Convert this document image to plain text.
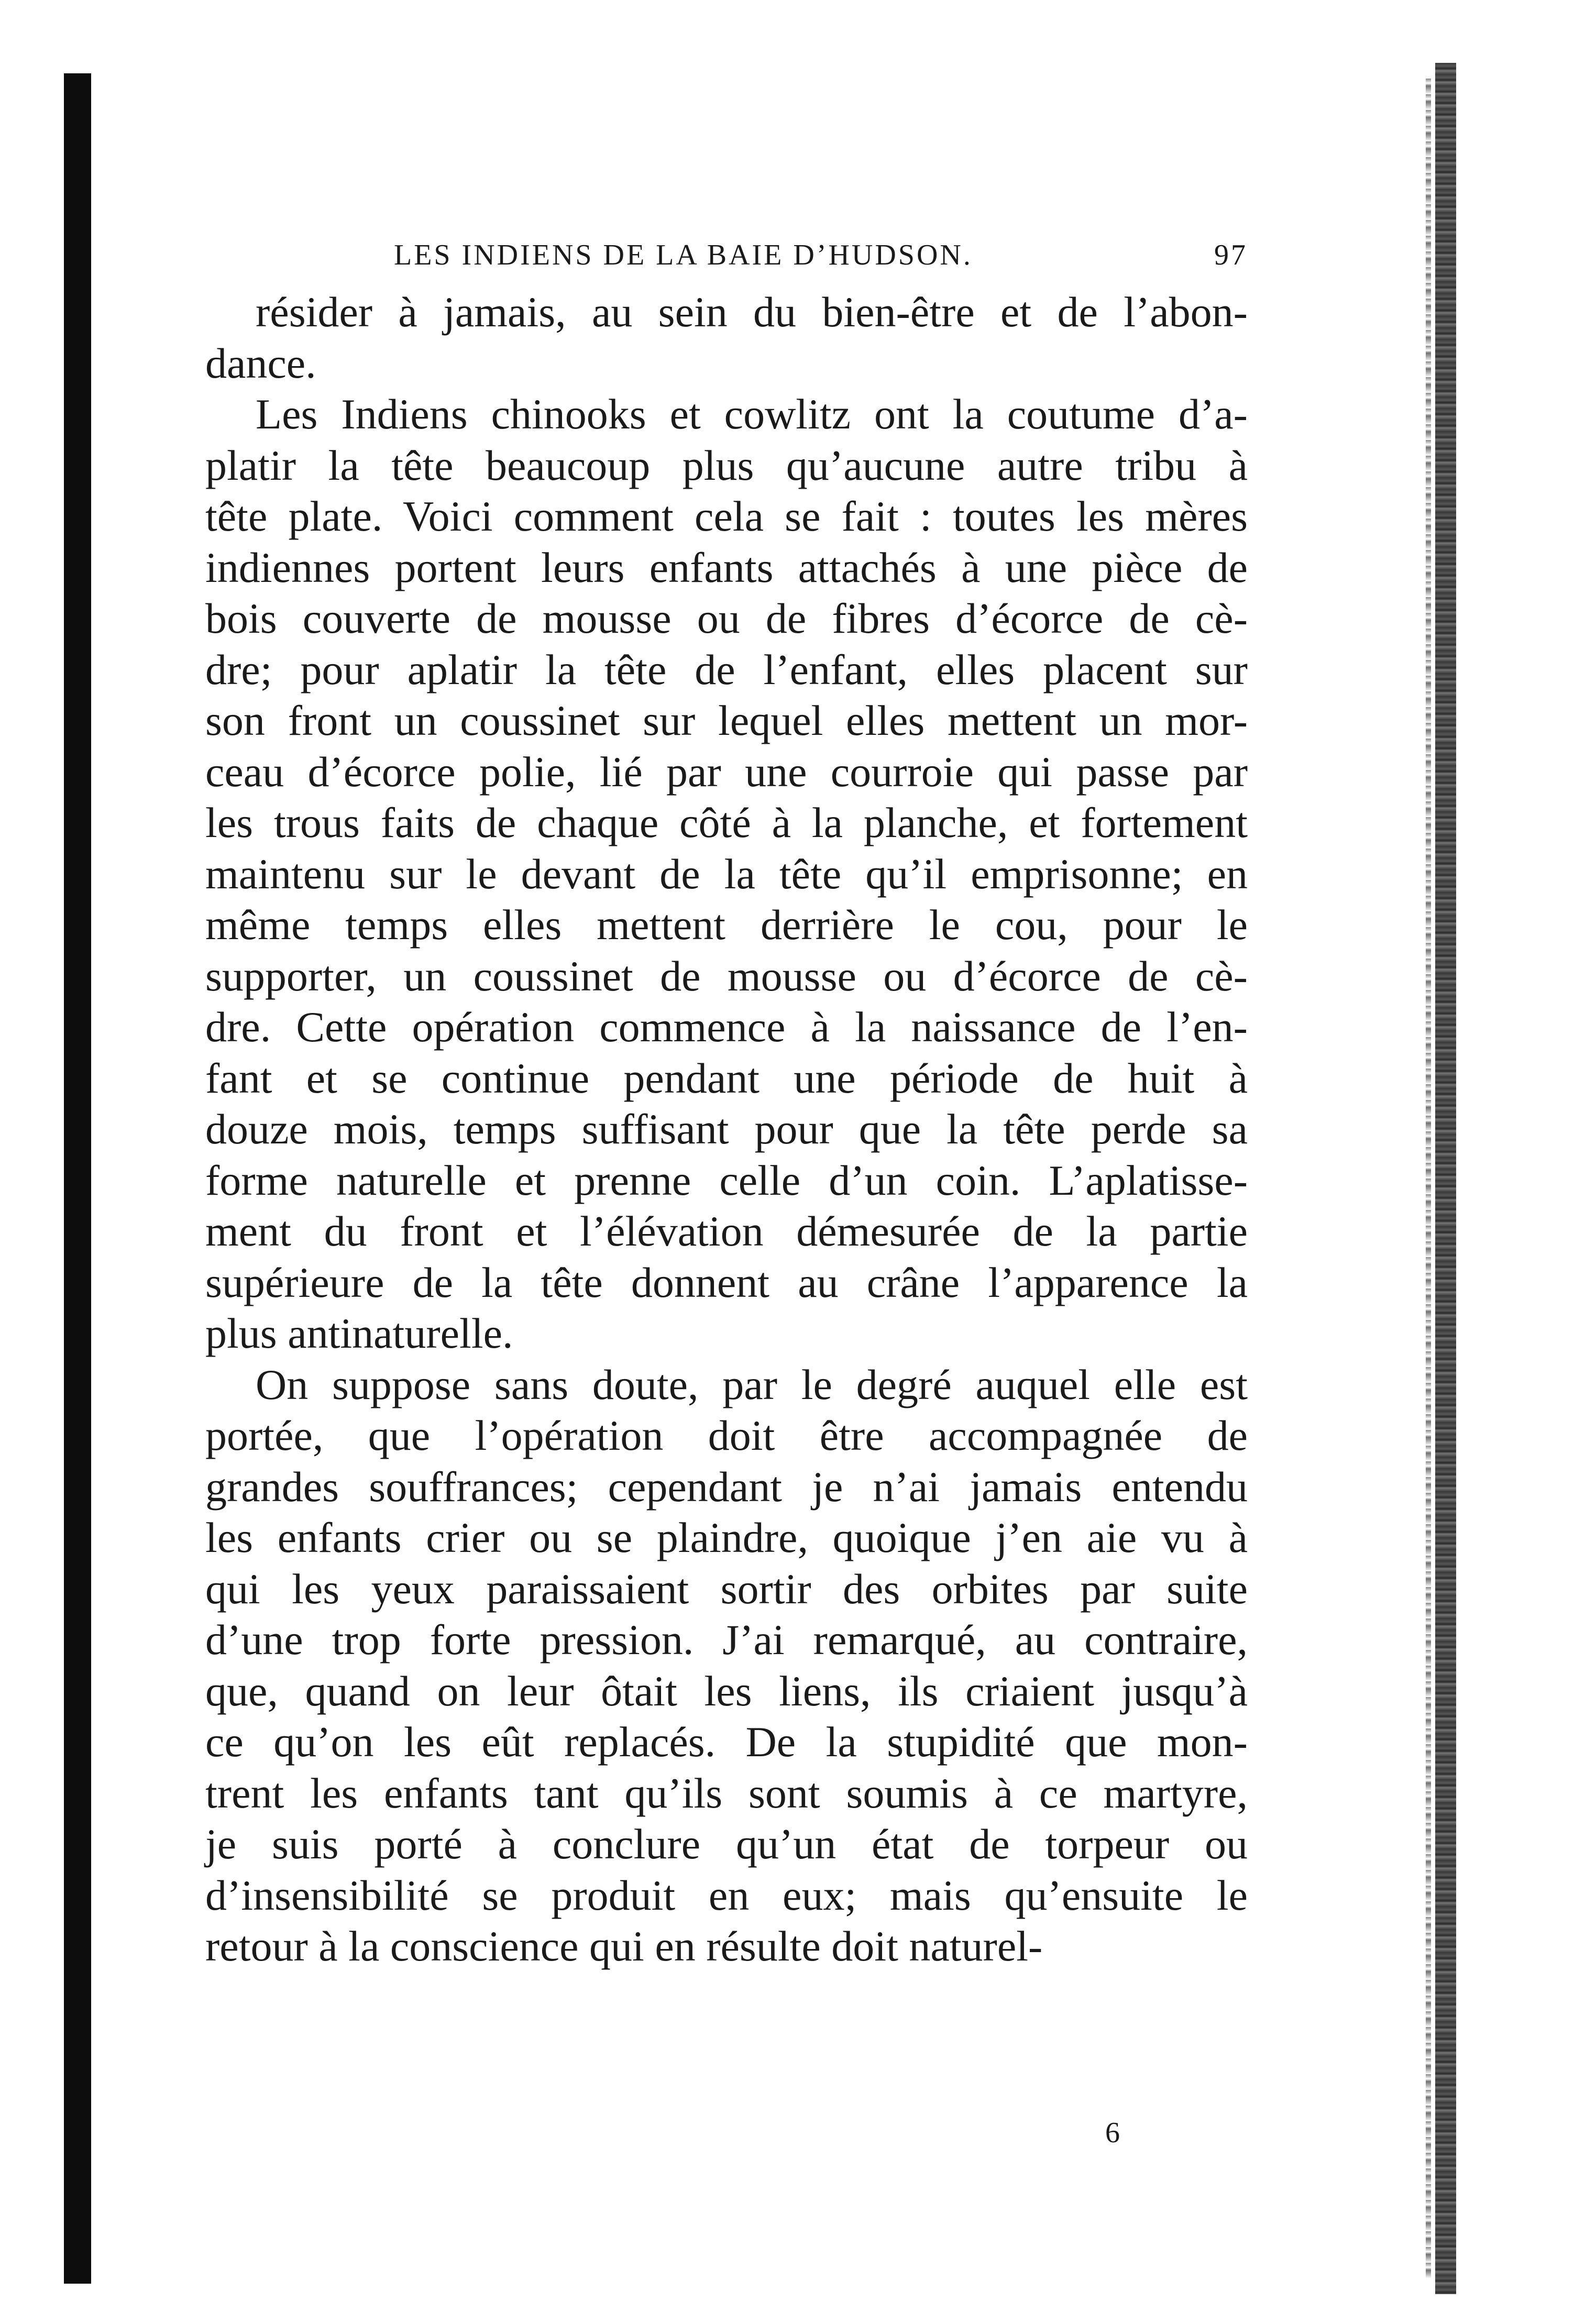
LES INDIENS DE LA BAIE D’HUDSON.	97

résider à jamais, au sein du bien-être et de l’abon-
dance.

Les Indiens chinooks et cowlitz ont la coutume d’a-
platir la tête beaucoup plus qu’aucune autre tribu à
tête plate. Voici comment cela se fait : toutes les mères
indiennes portent leurs enfants attachés à une pièce de
bois couverte de mousse ou de fibres d’écorce de cè-
dre; pour aplatir la tête de l’enfant, elles placent sur
son front un coussinet sur lequel elles mettent un mor-
ceau d’écorce polie, lié par une courroie qui passe par
les trous faits de chaque côté à la planche, et fortement
maintenu sur le devant de la tête qu’il emprisonne; en
même temps elles mettent derrière le cou, pour le
supporter, un coussinet de mousse ou d’écorce de cè-
dre. Cette opération commence à la naissance de l’en-
fant et se continue pendant une période de huit à
douze mois, temps suffisant pour que la tête perde sa
forme naturelle et prenne celle d’un coin. L’aplatisse-
ment du front et l’élévation démesurée de la partie
supérieure de la tête donnent au crâne l’apparence la
plus antinaturelle.

On suppose sans doute, par le degré auquel elle est
portée, que l’opération doit être accompagnée de
grandes souffrances; cependant je n’ai jamais entendu
les enfants crier ou se plaindre, quoique j’en aie vu à
qui les yeux paraissaient sortir des orbites par suite
d’une trop forte pression. J’ai remarqué, au contraire,
que, quand on leur ôtait les liens, ils criaient jusqu’à
ce qu’on les eût replacés. De la stupidité que mon-
trent les enfants tant qu’ils sont soumis à ce martyre,
je suis porté à conclure qu’un état de torpeur ou
d’insensibilité se produit en eux; mais qu’ensuite le
retour à la conscience qui en résulte doit naturel-

6
